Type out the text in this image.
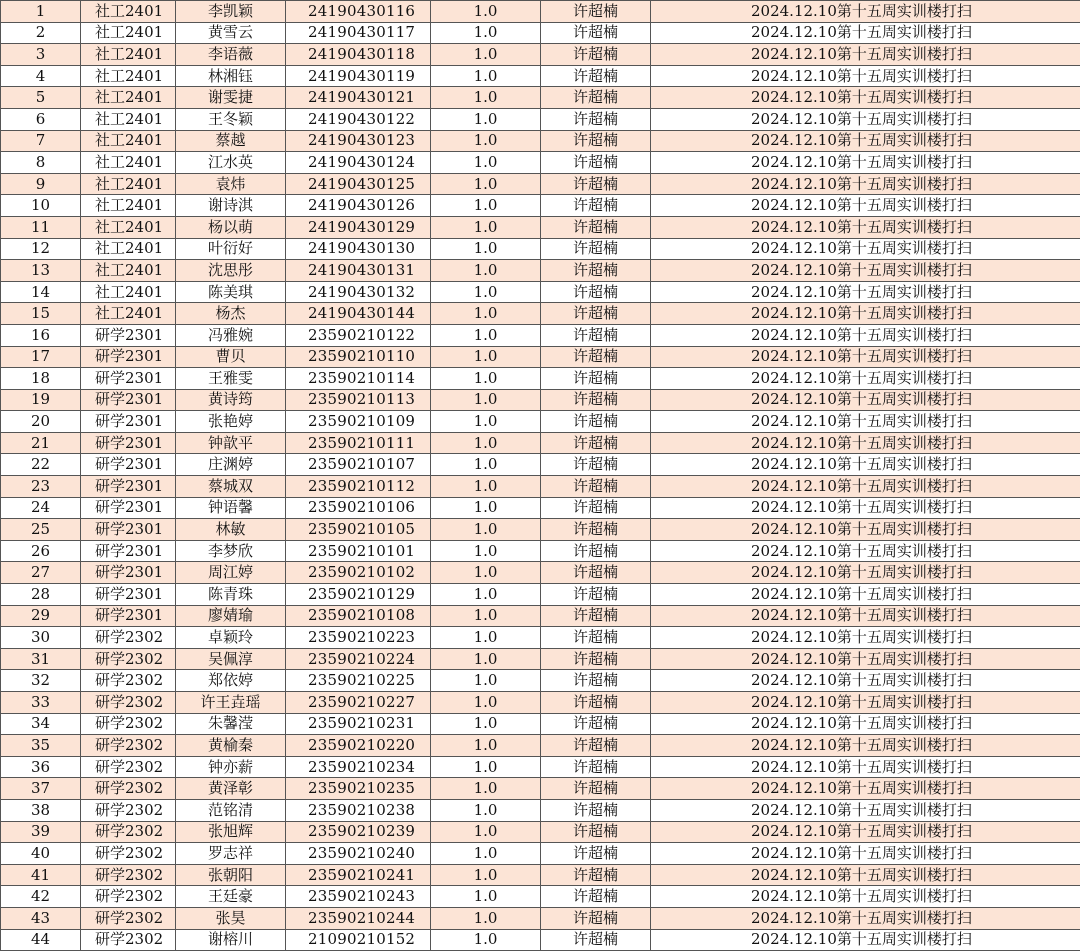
1	社工2401	李凯颖	24190430116	1.0	许超楠	2024.12.10第十五周实训楼打扫
2	社工2401	黄雪云	24190430117	1.0	许超楠	2024.12.10第十五周实训楼打扫
3	社工2401	李语薇	24190430118	1.0	许超楠	2024.12.10第十五周实训楼打扫
4	社工2401	林湘钰	24190430119	1.0	许超楠	2024.12.10第十五周实训楼打扫
5	社工2401	谢雯捷	24190430121	1.0	许超楠	2024.12.10第十五周实训楼打扫
6	社工2401	王冬颖	24190430122	1.0	许超楠	2024.12.10第十五周实训楼打扫
7	社工2401	蔡越	24190430123	1.0	许超楠	2024.12.10第十五周实训楼打扫
8	社工2401	江水英	24190430124	1.0	许超楠	2024.12.10第十五周实训楼打扫
9	社工2401	袁炜	24190430125	1.0	许超楠	2024.12.10第十五周实训楼打扫
10	社工2401	谢诗淇	24190430126	1.0	许超楠	2024.12.10第十五周实训楼打扫
11	社工2401	杨以萌	24190430129	1.0	许超楠	2024.12.10第十五周实训楼打扫
12	社工2401	叶衍好	24190430130	1.0	许超楠	2024.12.10第十五周实训楼打扫
13	社工2401	沈思彤	24190430131	1.0	许超楠	2024.12.10第十五周实训楼打扫
14	社工2401	陈美琪	24190430132	1.0	许超楠	2024.12.10第十五周实训楼打扫
15	社工2401	杨杰	24190430144	1.0	许超楠	2024.12.10第十五周实训楼打扫
16	研学2301	冯雅婉	23590210122	1.0	许超楠	2024.12.10第十五周实训楼打扫
17	研学2301	曹贝	23590210110	1.0	许超楠	2024.12.10第十五周实训楼打扫
18	研学2301	王雅雯	23590210114	1.0	许超楠	2024.12.10第十五周实训楼打扫
19	研学2301	黄诗筠	23590210113	1.0	许超楠	2024.12.10第十五周实训楼打扫
20	研学2301	张艳婷	23590210109	1.0	许超楠	2024.12.10第十五周实训楼打扫
21	研学2301	钟歆平	23590210111	1.0	许超楠	2024.12.10第十五周实训楼打扫
22	研学2301	庄渊婷	23590210107	1.0	许超楠	2024.12.10第十五周实训楼打扫
23	研学2301	蔡城双	23590210112	1.0	许超楠	2024.12.10第十五周实训楼打扫
24	研学2301	钟语馨	23590210106	1.0	许超楠	2024.12.10第十五周实训楼打扫
25	研学2301	林敏	23590210105	1.0	许超楠	2024.12.10第十五周实训楼打扫
26	研学2301	李梦欣	23590210101	1.0	许超楠	2024.12.10第十五周实训楼打扫
27	研学2301	周江婷	23590210102	1.0	许超楠	2024.12.10第十五周实训楼打扫
28	研学2301	陈青珠	23590210129	1.0	许超楠	2024.12.10第十五周实训楼打扫
29	研学2301	廖婧瑜	23590210108	1.0	许超楠	2024.12.10第十五周实训楼打扫
30	研学2302	卓颖玲	23590210223	1.0	许超楠	2024.12.10第十五周实训楼打扫
31	研学2302	吴佩淳	23590210224	1.0	许超楠	2024.12.10第十五周实训楼打扫
32	研学2302	郑依婷	23590210225	1.0	许超楠	2024.12.10第十五周实训楼打扫
33	研学2302	许王垚瑶	23590210227	1.0	许超楠	2024.12.10第十五周实训楼打扫
34	研学2302	朱馨滢	23590210231	1.0	许超楠	2024.12.10第十五周实训楼打扫
35	研学2302	黄榆秦	23590210220	1.0	许超楠	2024.12.10第十五周实训楼打扫
36	研学2302	钟亦薪	23590210234	1.0	许超楠	2024.12.10第十五周实训楼打扫
37	研学2302	黄泽彰	23590210235	1.0	许超楠	2024.12.10第十五周实训楼打扫
38	研学2302	范铭清	23590210238	1.0	许超楠	2024.12.10第十五周实训楼打扫
39	研学2302	张旭辉	23590210239	1.0	许超楠	2024.12.10第十五周实训楼打扫
40	研学2302	罗志祥	23590210240	1.0	许超楠	2024.12.10第十五周实训楼打扫
41	研学2302	张朝阳	23590210241	1.0	许超楠	2024.12.10第十五周实训楼打扫
42	研学2302	王廷豪	23590210243	1.0	许超楠	2024.12.10第十五周实训楼打扫
43	研学2302	张昊	23590210244	1.0	许超楠	2024.12.10第十五周实训楼打扫
44	研学2302	谢榕川	21090210152	1.0	许超楠	2024.12.10第十五周实训楼打扫
